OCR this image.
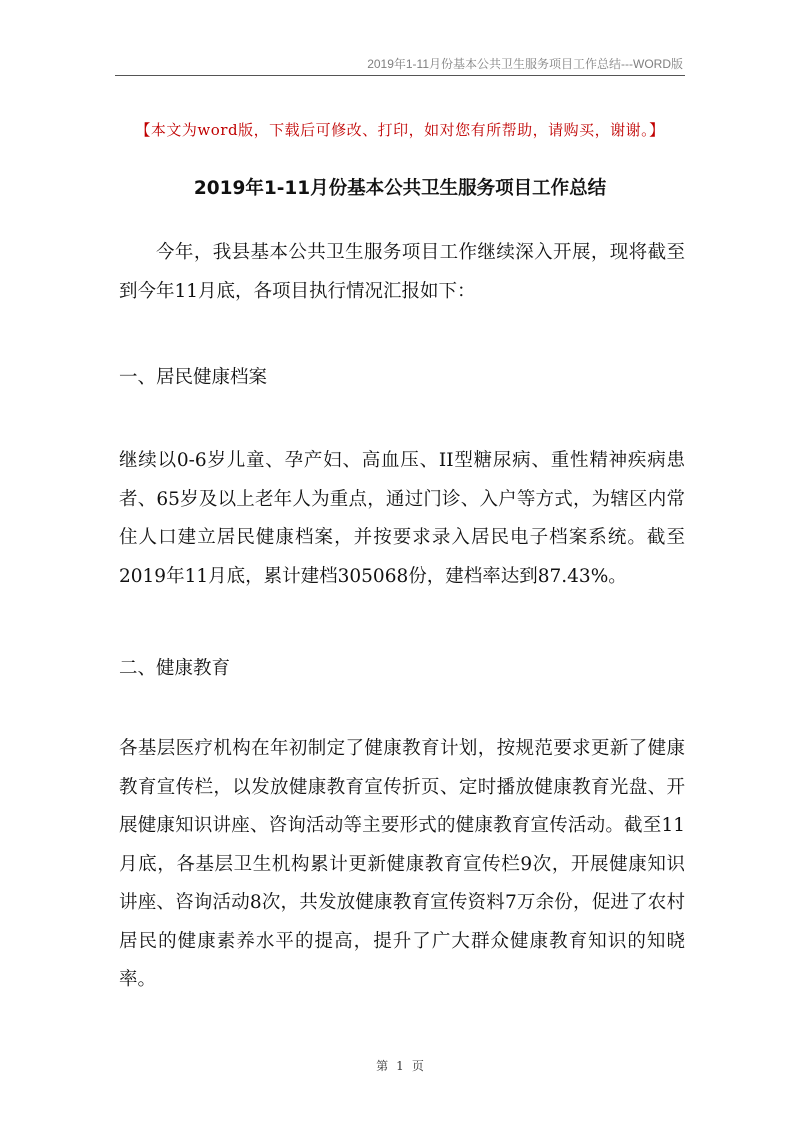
2019年1-11月份基本公共卫生服务项目工作总结---WORD版
【本文为word版，下载后可修改、打印，如对您有所帮助，请购买，谢谢。】
2019年1-11月份基本公共卫生服务项目工作总结

今年，我县基本公共卫生服务项目工作继续深入开展，现将截至到今年11月底，各项目执行情况汇报如下：

一、居民健康档案

继续以0-6岁儿童、孕产妇、高血压、II型糖尿病、重性精神疾病患者、65岁及以上老年人为重点，通过门诊、入户等方式，为辖区内常住人口建立居民健康档案，并按要求录入居民电子档案系统。截至2019年11月底，累计建档305068份，建档率达到87.43%。

二、健康教育

各基层医疗机构在年初制定了健康教育计划，按规范要求更新了健康教育宣传栏，以发放健康教育宣传折页、定时播放健康教育光盘、开展健康知识讲座、咨询活动等主要形式的健康教育宣传活动。截至11月底，各基层卫生机构累计更新健康教育宣传栏9次，开展健康知识讲座、咨询活动8次，共发放健康教育宣传资料7万余份，促进了农村居民的健康素养水平的提高，提升了广大群众健康教育知识的知晓率。

第 1 页
